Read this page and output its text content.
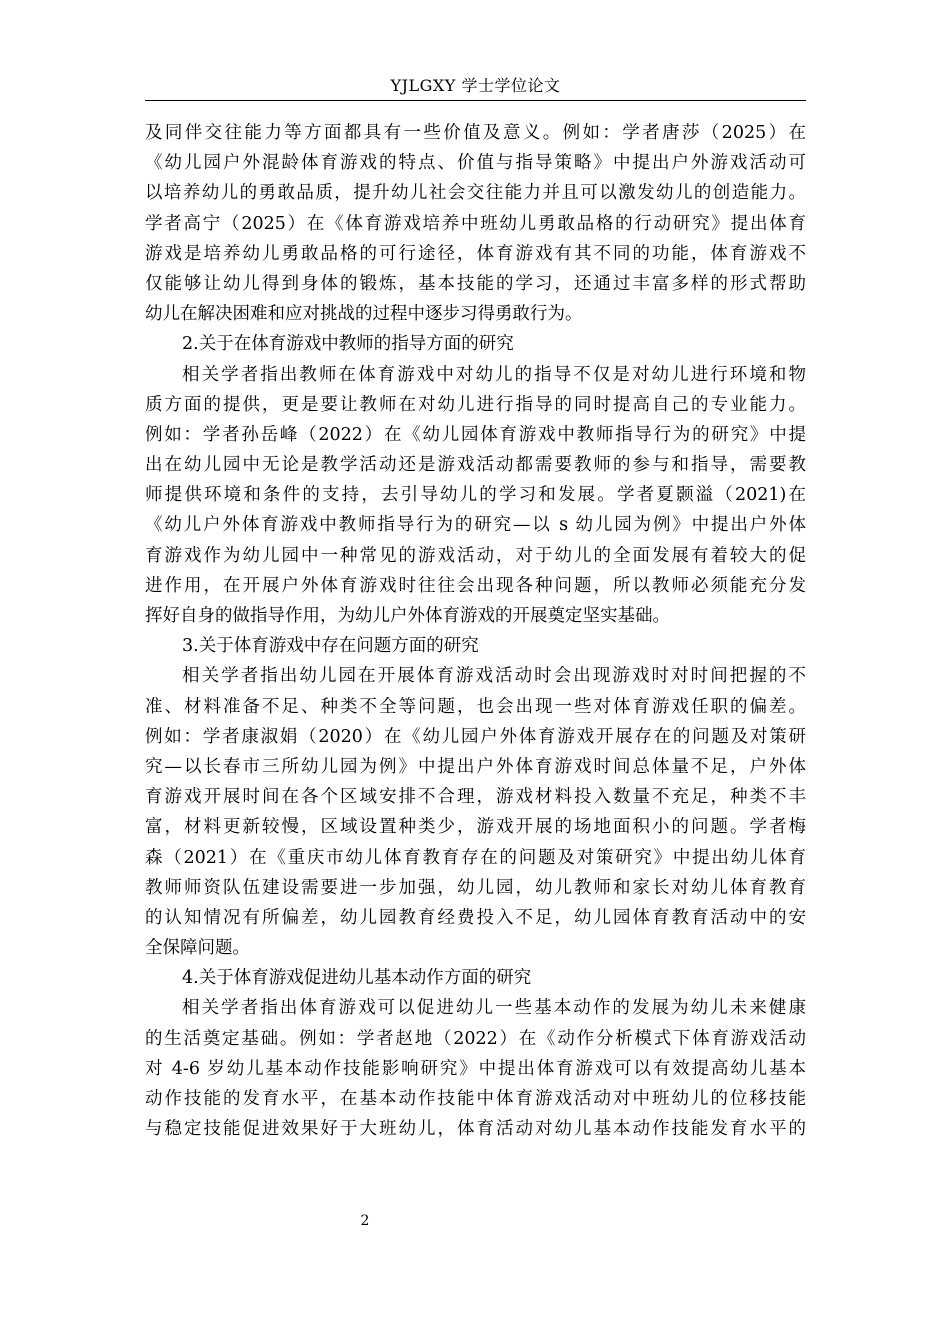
YJLGXY 学士学位论文
及同伴交往能力等方面都具有一些价值及意义。例如：学者唐莎（2025）在
《幼儿园户外混龄体育游戏的特点、价值与指导策略》中提出户外游戏活动可
以培养幼儿的勇敢品质，提升幼儿社会交往能力并且可以激发幼儿的创造能力。
学者高宁（2025）在《体育游戏培养中班幼儿勇敢品格的行动研究》提出体育
游戏是培养幼儿勇敢品格的可行途径，体育游戏有其不同的功能，体育游戏不
仅能够让幼儿得到身体的锻炼，基本技能的学习，还通过丰富多样的形式帮助
幼儿在解决困难和应对挑战的过程中逐步习得勇敢行为。
2.关于在体育游戏中教师的指导方面的研究
相关学者指出教师在体育游戏中对幼儿的指导不仅是对幼儿进行环境和物
质方面的提供，更是要让教师在对幼儿进行指导的同时提高自己的专业能力。
例如：学者孙岳峰（2022）在《幼儿园体育游戏中教师指导行为的研究》中提
出在幼儿园中无论是教学活动还是游戏活动都需要教师的参与和指导，需要教
师提供环境和条件的支持，去引导幼儿的学习和发展。学者夏颢溢（2021)在
《幼儿户外体育游戏中教师指导行为的研究—以 s 幼儿园为例》中提出户外体
育游戏作为幼儿园中一种常见的游戏活动，对于幼儿的全面发展有着较大的促
进作用，在开展户外体育游戏时往往会出现各种问题，所以教师必须能充分发
挥好自身的做指导作用，为幼儿户外体育游戏的开展奠定坚实基础。
3.关于体育游戏中存在问题方面的研究
相关学者指出幼儿园在开展体育游戏活动时会出现游戏时对时间把握的不
准、材料准备不足、种类不全等问题，也会出现一些对体育游戏任职的偏差。
例如：学者康淑娟（2020）在《幼儿园户外体育游戏开展存在的问题及对策研
究—以长春市三所幼儿园为例》中提出户外体育游戏时间总体量不足，户外体
育游戏开展时间在各个区域安排不合理，游戏材料投入数量不充足，种类不丰
富，材料更新较慢，区域设置种类少，游戏开展的场地面积小的问题。学者梅
森（2021）在《重庆市幼儿体育教育存在的问题及对策研究》中提出幼儿体育
教师师资队伍建设需要进一步加强，幼儿园，幼儿教师和家长对幼儿体育教育
的认知情况有所偏差，幼儿园教育经费投入不足，幼儿园体育教育活动中的安
全保障问题。
4.关于体育游戏促进幼儿基本动作方面的研究
相关学者指出体育游戏可以促进幼儿一些基本动作的发展为幼儿未来健康
的生活奠定基础。例如：学者赵地（2022）在《动作分析模式下体育游戏活动
对 4-6 岁幼儿基本动作技能影响研究》中提出体育游戏可以有效提高幼儿基本
动作技能的发育水平，在基本动作技能中体育游戏活动对中班幼儿的位移技能
与稳定技能促进效果好于大班幼儿，体育活动对幼儿基本动作技能发育水平的
2
